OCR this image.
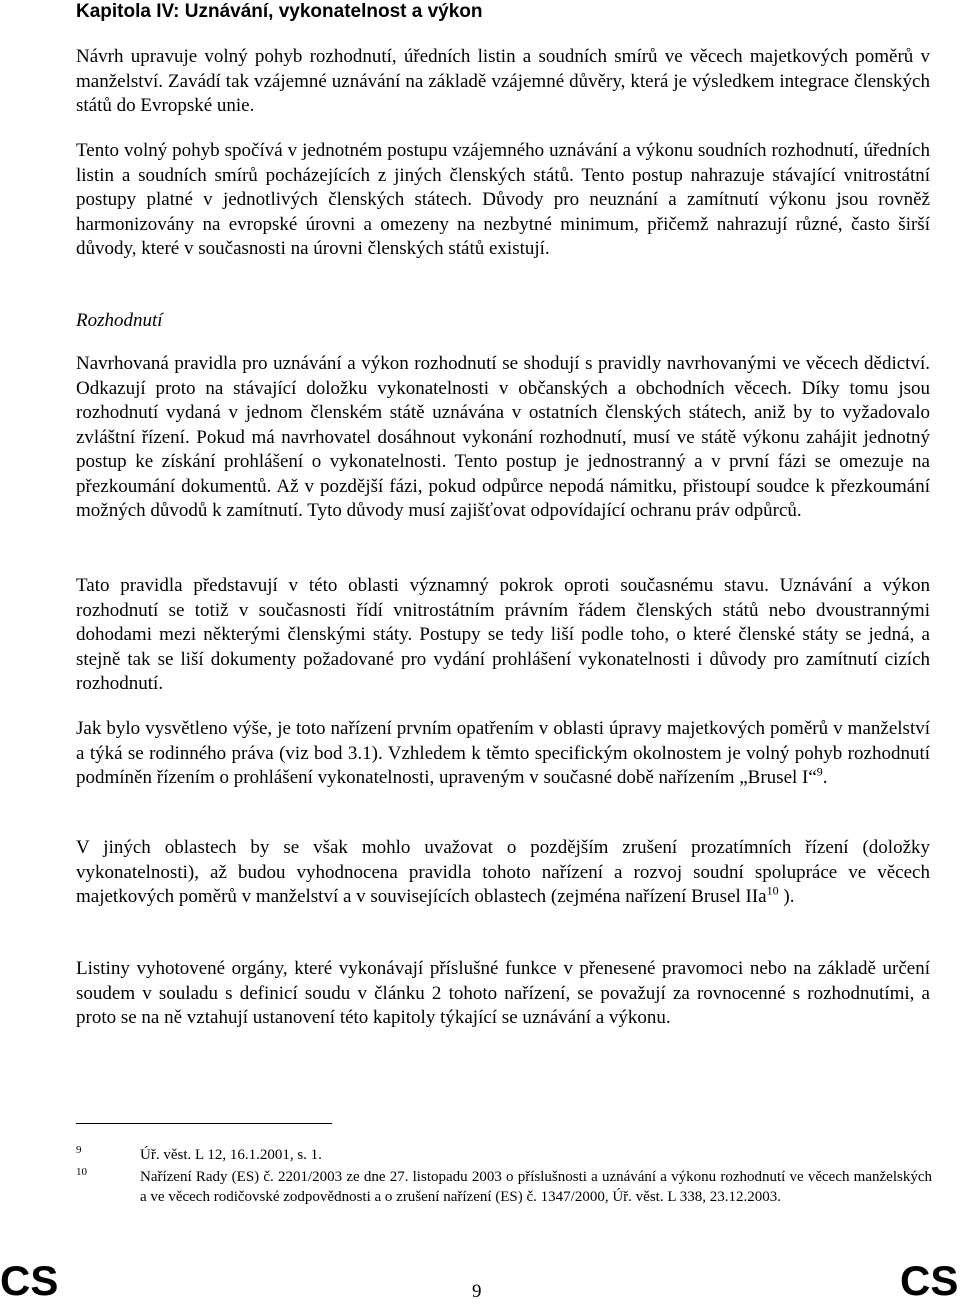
Kapitola IV: Uznávání, vykonatelnost a výkon

Návrh upravuje volný pohyb rozhodnutí, úředních listin a soudních smírů ve věcech majetkových poměrů v manželství. Zavádí tak vzájemné uznávání na základě vzájemné důvěry, která je výsledkem integrace členských států do Evropské unie.

Tento volný pohyb spočívá v jednotném postupu vzájemného uznávání a výkonu soudních rozhodnutí, úředních listin a soudních smírů pocházejících z jiných členských států. Tento postup nahrazuje stávající vnitrostátní postupy platné v jednotlivých členských státech. Důvody pro neuznání a zamítnutí výkonu jsou rovněž harmonizovány na evropské úrovni a omezeny na nezbytné minimum, přičemž nahrazují různé, často širší důvody, které v současnosti na úrovni členských států existují.

Rozhodnutí

Navrhovaná pravidla pro uznávání a výkon rozhodnutí se shodují s pravidly navrhovanými ve věcech dědictví. Odkazují proto na stávající doložku vykonatelnosti v občanských a obchodních věcech. Díky tomu jsou rozhodnutí vydaná v jednom členském státě uznávána v ostatních členských státech, aniž by to vyžadovalo zvláštní řízení. Pokud má navrhovatel dosáhnout vykonání rozhodnutí, musí ve státě výkonu zahájit jednotný postup ke získání prohlášení o vykonatelnosti. Tento postup je jednostranný a v první fázi se omezuje na přezkoumání dokumentů. Až v pozdější fázi, pokud odpůrce nepodá námitku, přistoupí soudce k přezkoumání možných důvodů k zamítnutí. Tyto důvody musí zajišťovat odpovídající ochranu práv odpůrců.

Tato pravidla představují v této oblasti významný pokrok oproti současnému stavu. Uznávání a výkon rozhodnutí se totiž v současnosti řídí vnitrostátním právním řádem členských států nebo dvoustrannými dohodami mezi některými členskými státy. Postupy se tedy liší podle toho, o které členské státy se jedná, a stejně tak se liší dokumenty požadované pro vydání prohlášení vykonatelnosti i důvody pro zamítnutí cizích rozhodnutí.

Jak bylo vysvětleno výše, je toto nařízení prvním opatřením v oblasti úpravy majetkových poměrů v manželství a týká se rodinného práva (viz bod 3.1). Vzhledem k těmto specifickým okolnostem je volný pohyb rozhodnutí podmíněn řízením o prohlášení vykonatelnosti, upraveným v současné době nařízením „Brusel I“$^9$.

V jiných oblastech by se však mohlo uvažovat o pozdějším zrušení prozatímních řízení (doložky vykonatelnosti), až budou vyhodnocena pravidla tohoto nařízení a rozvoj soudní spolupráce ve věcech majetkových poměrů v manželství a v souvisejících oblastech (zejména nařízení Brusel IIa$^{10}$ ).

Listiny vyhotovené orgány, které vykonávají příslušné funkce v přenesené pravomoci nebo na základě určení soudem v souladu s definicí soudu v článku 2 tohoto nařízení, se považují za rovnocenné s rozhodnutími, a proto se na ně vztahují ustanovení této kapitoly týkající se uznávání a výkonu.

9	Úř. věst. L 12, 16.1.2001, s. 1.
10	Nařízení Rady (ES) č. 2201/2003 ze dne 27. listopadu 2003 o příslušnosti a uznávání a výkonu rozhodnutí ve věcech manželských a ve věcech rodičovské zodpovědnosti a o zrušení nařízení (ES) č. 1347/2000, Úř. věst. L 338, 23.12.2003.
CS	9	CS
